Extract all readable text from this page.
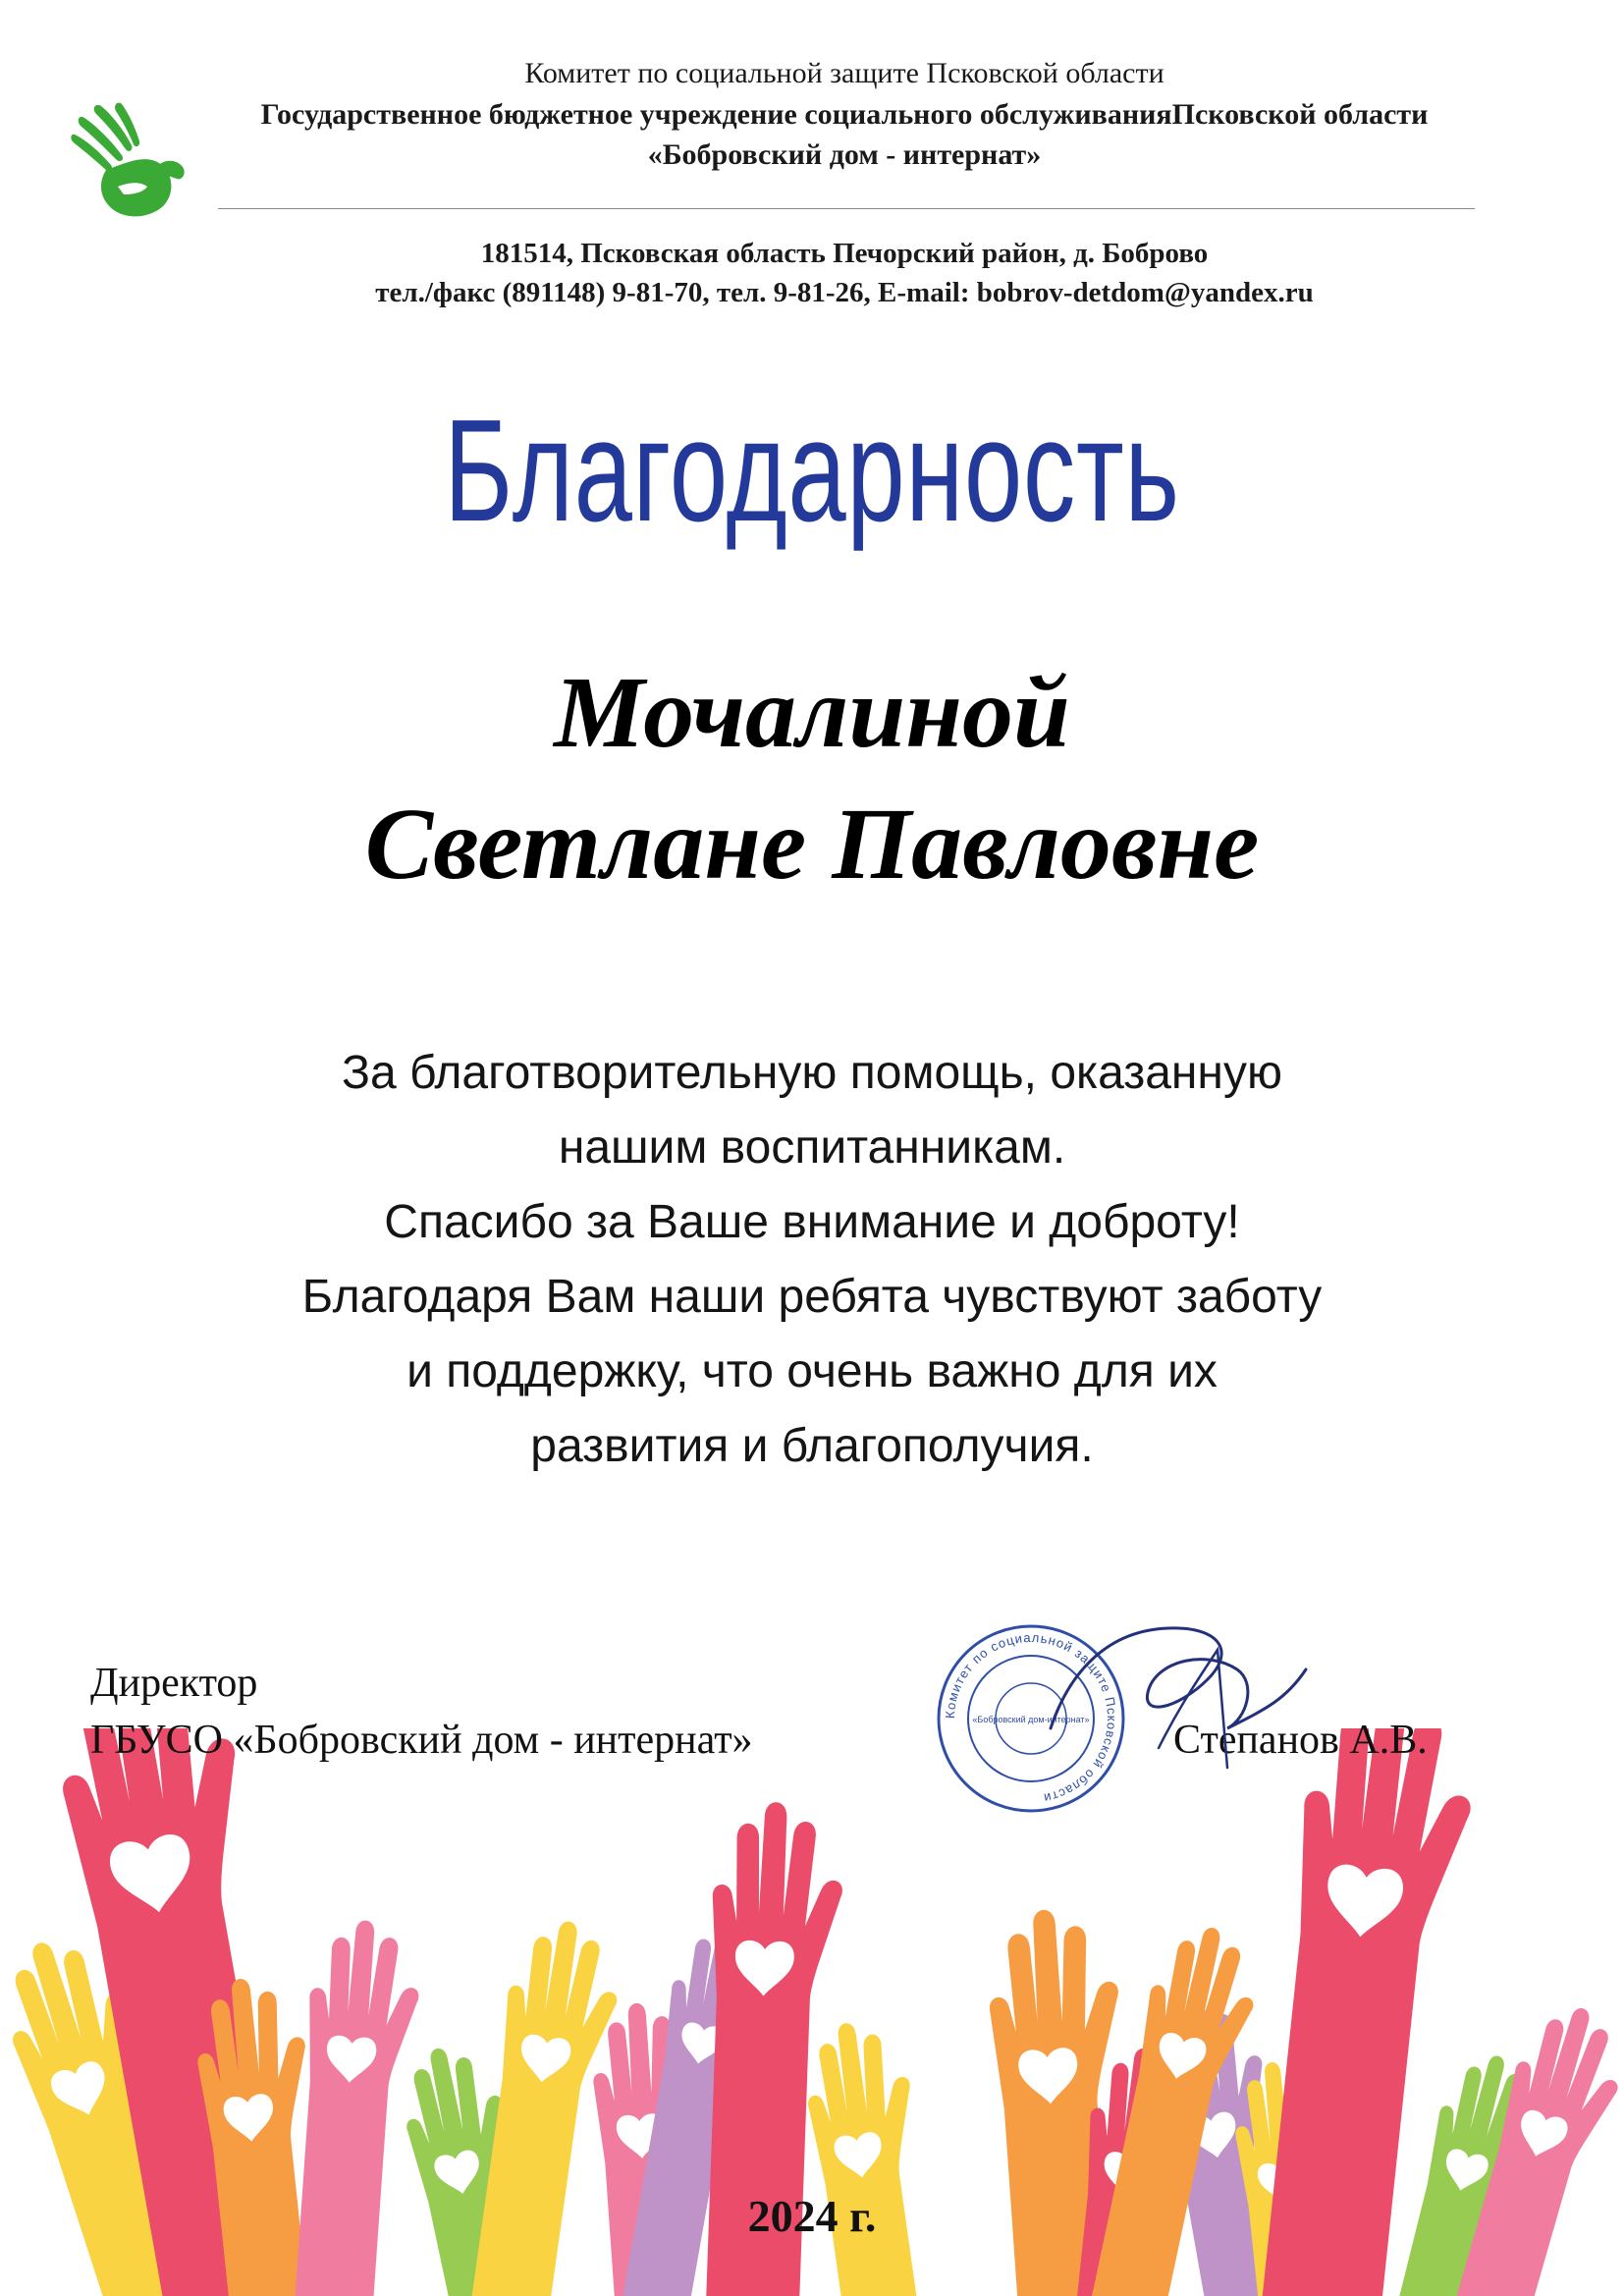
Комитет по социальной защите Псковской области
Государственное бюджетное учреждение социального обслуживанияПсковской области
«Бобровский дом - интернат»
181514, Псковская область Печорский район, д. Боброво
тел./факс (891148) 9-81-70, тел. 9-81-26, E-mail: bobrov-detdom@yandex.ru
Благодарность
Мочалиной
Светлане Павловне
За благотворительную помощь, оказанную
нашим воспитанникам.
Спасибо за Ваше внимание и доброту!
Благодаря Вам наши ребята чувствуют заботу
и поддержку, что очень важно для их
развития и благополучия.
Директор
ГБУСО «Бобровский дом - интернат»	Степанов А.В.
Комитет по социальной защите Псковской области
«Бобровский дом-интернат»
2024 г.
